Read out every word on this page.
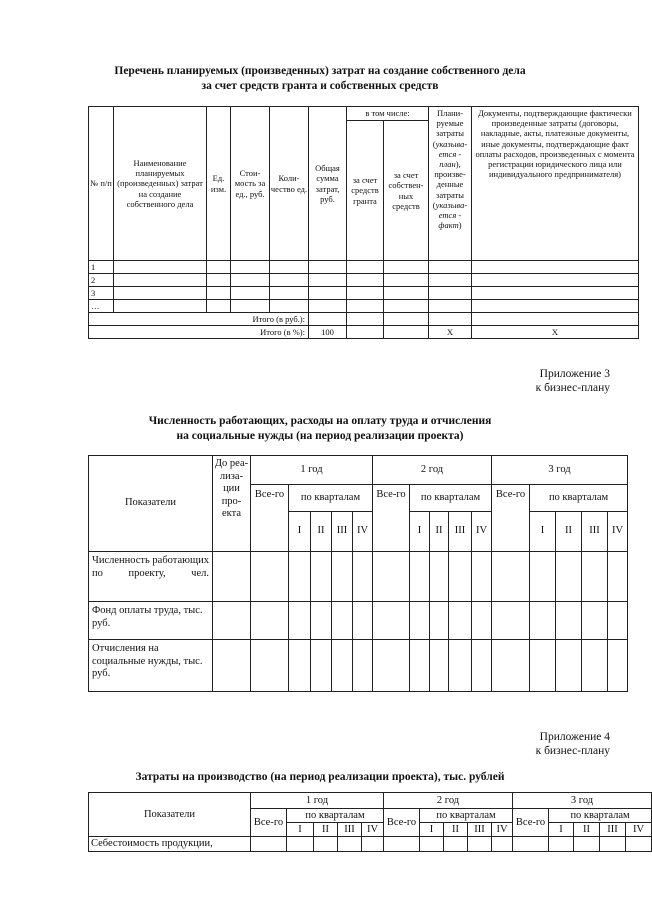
Перечень планируемых (произведенных) затрат на создание собственного дела
за счет средств гранта и собственных средств
№ п/п	Наименование планируемых (произведенных) затрат на создание собственного дела	Ед. изм.	Стои-мость за ед., руб.	Коли-чество ед.	Общая сумма затрат, руб.	в том числе:		Плани-руемые затраты (указыва-ется - план), произве-денные затраты (указыва-ется - факт)	Документы, подтверждающие фактически произведенные затраты (договоры, накладные, акты, платежные документы, иные документы, подтверждающие факт оплаты расходов, произведенных с момента регистрации юридического лица или индивидуального предпринимателя)
						за счет средств гранта	за счет собствен-ных средств		
1									
2									
3									
…									
Итого (в руб.):									
Итого (в %):					100			Х	Х
Приложение 3
к бизнес-плану
Численность работающих, расходы на оплату труда и отчисления
на социальные нужды (на период реализации проекта)
Показатели	До реа-лиза-ции про-екта	1 год					2 год					3 год				
		Все-го	по кварталам				Все-го	по кварталам				Все-го	по кварталам			
			I	II	III	IV		I	II	III	IV		I	II	III	IV
Численность работающих по проекту, чел.																
Фонд оплаты труда, тыс. руб.																
Отчисления на социальные нужды, тыс. руб.																
Приложение 4
к бизнес-плану
Затраты на производство (на период реализации проекта), тыс. рублей
Показатели	1 год					2 год					3 год				
	Все-го	по кварталам				Все-го	по кварталам				Все-го	по кварталам			
		I	II	III	IV		I	II	III	IV		I	II	III	IV
Себестоимость продукции,															
